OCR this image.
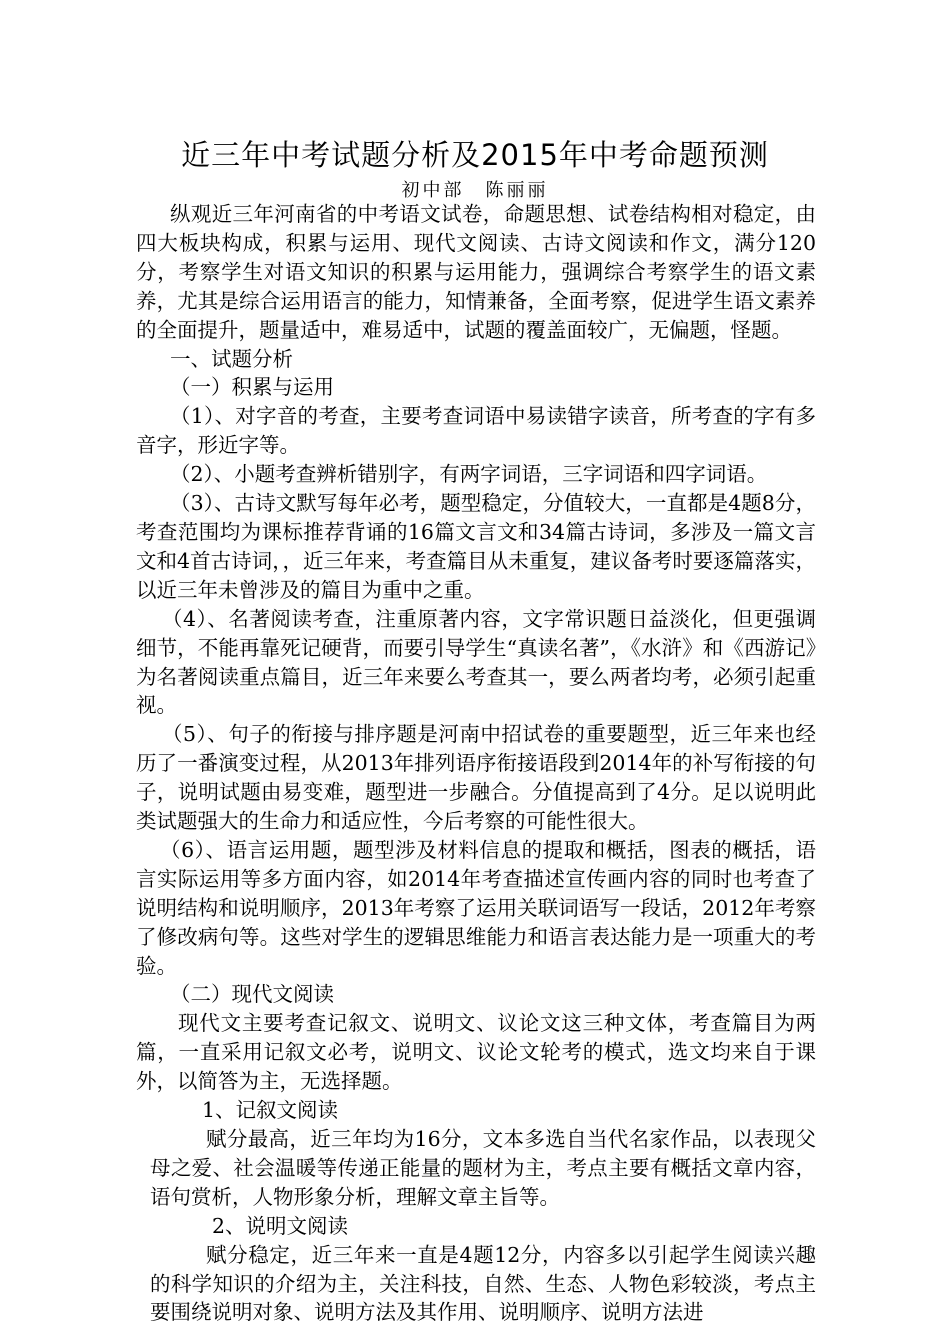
近三年中考试题分析及2015年中考命题预测
初中部　陈丽丽

纵观近三年河南省的中考语文试卷，命题思想、试卷结构相对稳定，由四大板块构成，积累与运用、现代文阅读、古诗文阅读和作文，满分120分，考察学生对语文知识的积累与运用能力，强调综合考察学生的语文素养，尤其是综合运用语言的能力，知情兼备，全面考察，促进学生语文素养的全面提升，题量适中，难易适中，试题的覆盖面较广，无偏题，怪题。

一、试题分析

（一）积累与运用

（1）、对字音的考查，主要考查词语中易读错字读音，所考查的字有多音字，形近字等。

（2）、小题考查辨析错别字，有两字词语，三字词语和四字词语。

（3）、古诗文默写每年必考，题型稳定，分值较大，一直都是4题8分，考查范围均为课标推荐背诵的16篇文言文和34篇古诗词，多涉及一篇文言文和4首古诗词，，近三年来，考查篇目从未重复，建议备考时要逐篇落实，以近三年未曾涉及的篇目为重中之重。

（4）、名著阅读考查，注重原著内容，文字常识题日益淡化，但更强调细节，不能再靠死记硬背，而要引导学生“真读名著”，《水浒》和《西游记》为名著阅读重点篇目，近三年来要么考查其一，要么两者均考，必须引起重视。

（5）、句子的衔接与排序题是河南中招试卷的重要题型，近三年来也经历了一番演变过程，从2013年排列语序衔接语段到2014年的补写衔接的句子，说明试题由易变难，题型进一步融合。分值提高到了4分。足以说明此类试题强大的生命力和适应性，今后考察的可能性很大。

（6）、语言运用题，题型涉及材料信息的提取和概括，图表的概括，语言实际运用等多方面内容，如2014年考查描述宣传画内容的同时也考查了说明结构和说明顺序，2013年考察了运用关联词语写一段话，2012年考察了修改病句等。这些对学生的逻辑思维能力和语言表达能力是一项重大的考验。

（二）现代文阅读

现代文主要考查记叙文、说明文、议论文这三种文体，考查篇目为两篇，一直采用记叙文必考，说明文、议论文轮考的模式，选文均来自于课外，以简答为主，无选择题。

1、记叙文阅读

赋分最高，近三年均为16分，文本多选自当代名家作品，以表现父母之爱、社会温暖等传递正能量的题材为主，考点主要有概括文章内容，语句赏析，人物形象分析，理解文章主旨等。

2、说明文阅读

赋分稳定，近三年来一直是4题12分，内容多以引起学生阅读兴趣的科学知识的介绍为主，关注科技，自然、生态、人物色彩较淡，考点主要围绕说明对象、说明方法及其作用、说明顺序、说明方法进
